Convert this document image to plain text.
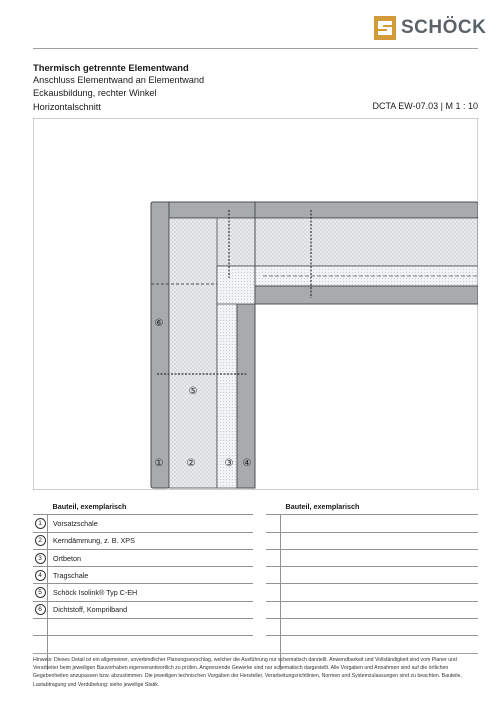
SCHÖCK
Thermisch getrennte Elementwand
Anschluss Elementwand an Elementwand
Eckausbildung, rechter Winkel
Horizontalschnitt	DCTA EW-07.03 | M 1 : 10
⑥
⑤
① ②	③ ④
	Bauteil, exemplarisch
1	Vorsatzschale
2	Kerndämmung, z. B. XPS
3	Ortbeton
4	Tragschale
5	Schöck Isolink® Typ C-EH
6	Dichtstoff, Komprilband

	Bauteil, exemplarisch

Hinweis: Dieses Detail ist ein allgemeiner, unverbindlicher Planungsvorschlag, welcher die Ausführung nur schematisch darstellt. Anwendbarkeit und Vollständigkeit sind vom Planer und Verarbeiter beim jeweiligen Bauvorhaben eigenverantwortlich zu prüfen. Angrenzende Gewerke sind nur schematisch dargestellt. Alle Vorgaben und Annahmen sind auf die örtlichen Gegebenheiten anzupassen bzw. abzustimmen. Die jeweiligen technischen Vorgaben der Hersteller, Verarbeitungsrichtlinien, Normen und Systemzulassungen sind zu beachten. Bauteile, Lastabtragung und Verdübelung: siehe jeweilige Statik.
